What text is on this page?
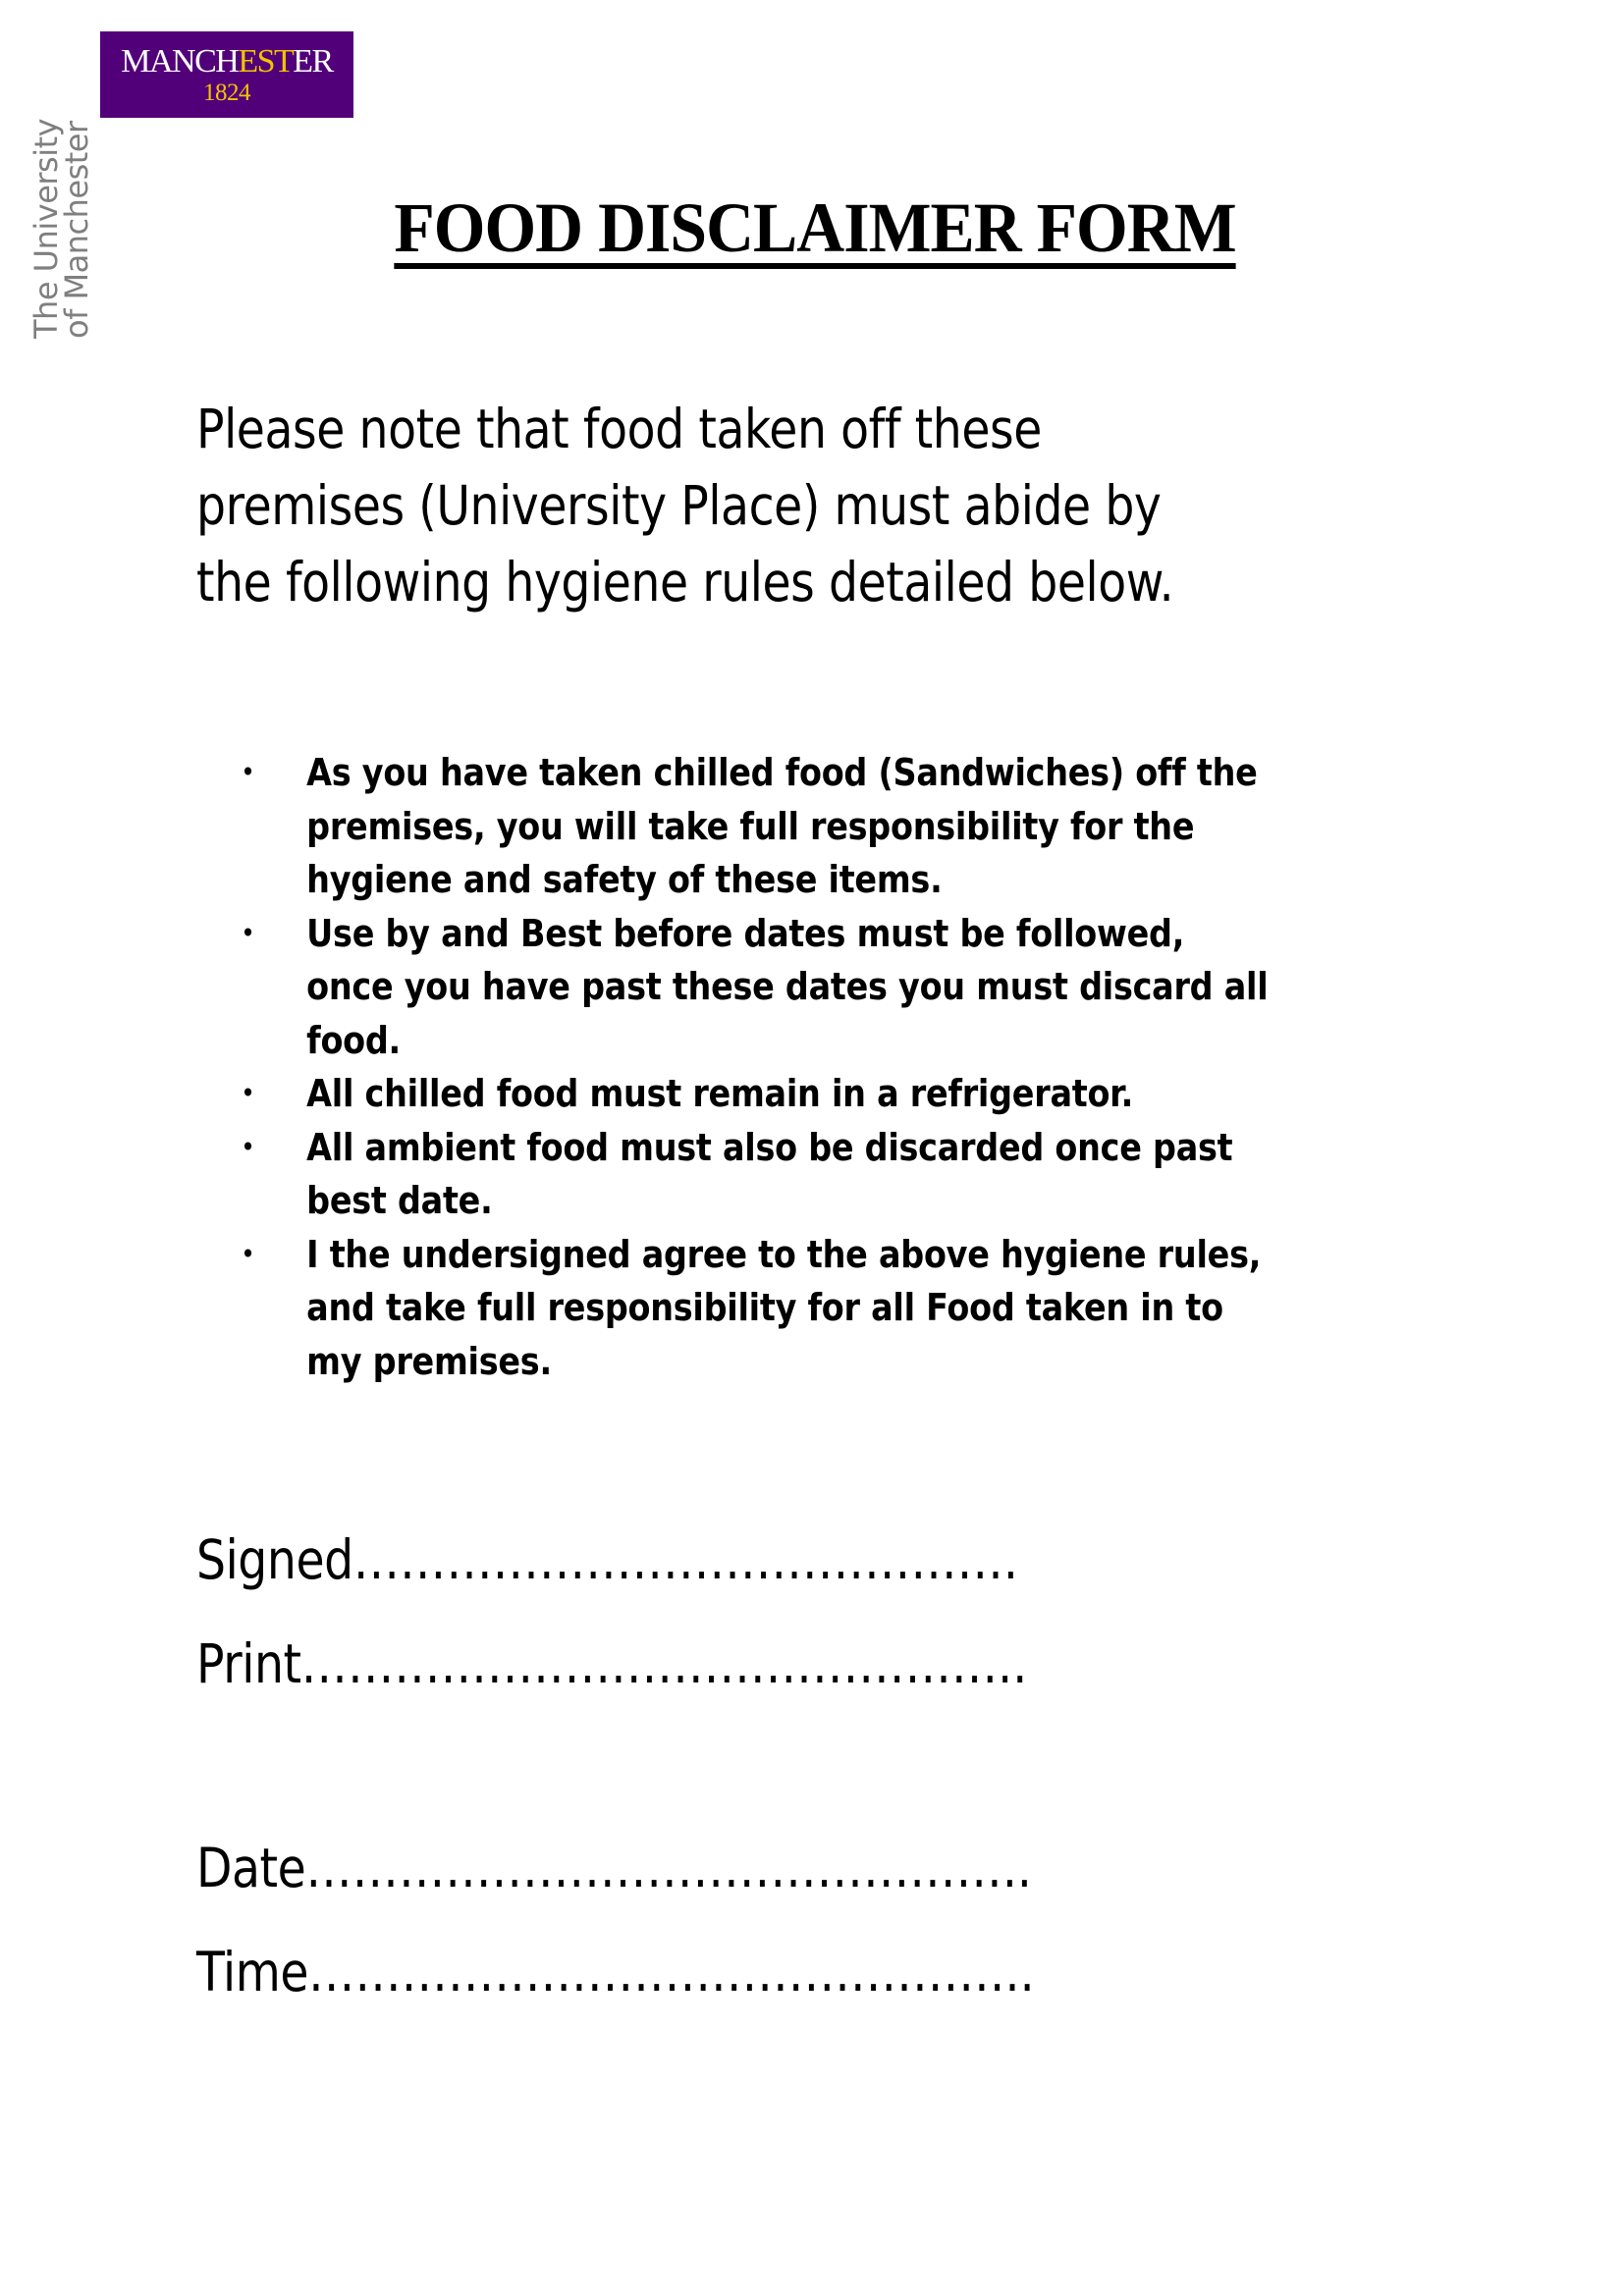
MANCHESTER
1824
The University
of Manchester	FOOD DISCLAIMER FORM

Please note that food taken off these

premises (University Place) must abide by

the following hygiene rules detailed below.

• As you have taken chilled food (Sandwiches) off the
premises, you will take full responsibility for the
hygiene and safety of these items.
• Use by and Best before dates must be followed,
once you have past these dates you must discard all
food.
• All chilled food must remain in a refrigerator.
• All ambient food must also be discarded once past
best date.
• I the undersigned agree to the above hygiene rules,
and take full responsibility for all Food taken in to
my premises.
Signed…………………………………….
Print………………………………………..
Date………………………………………..
Time………………………………………..
